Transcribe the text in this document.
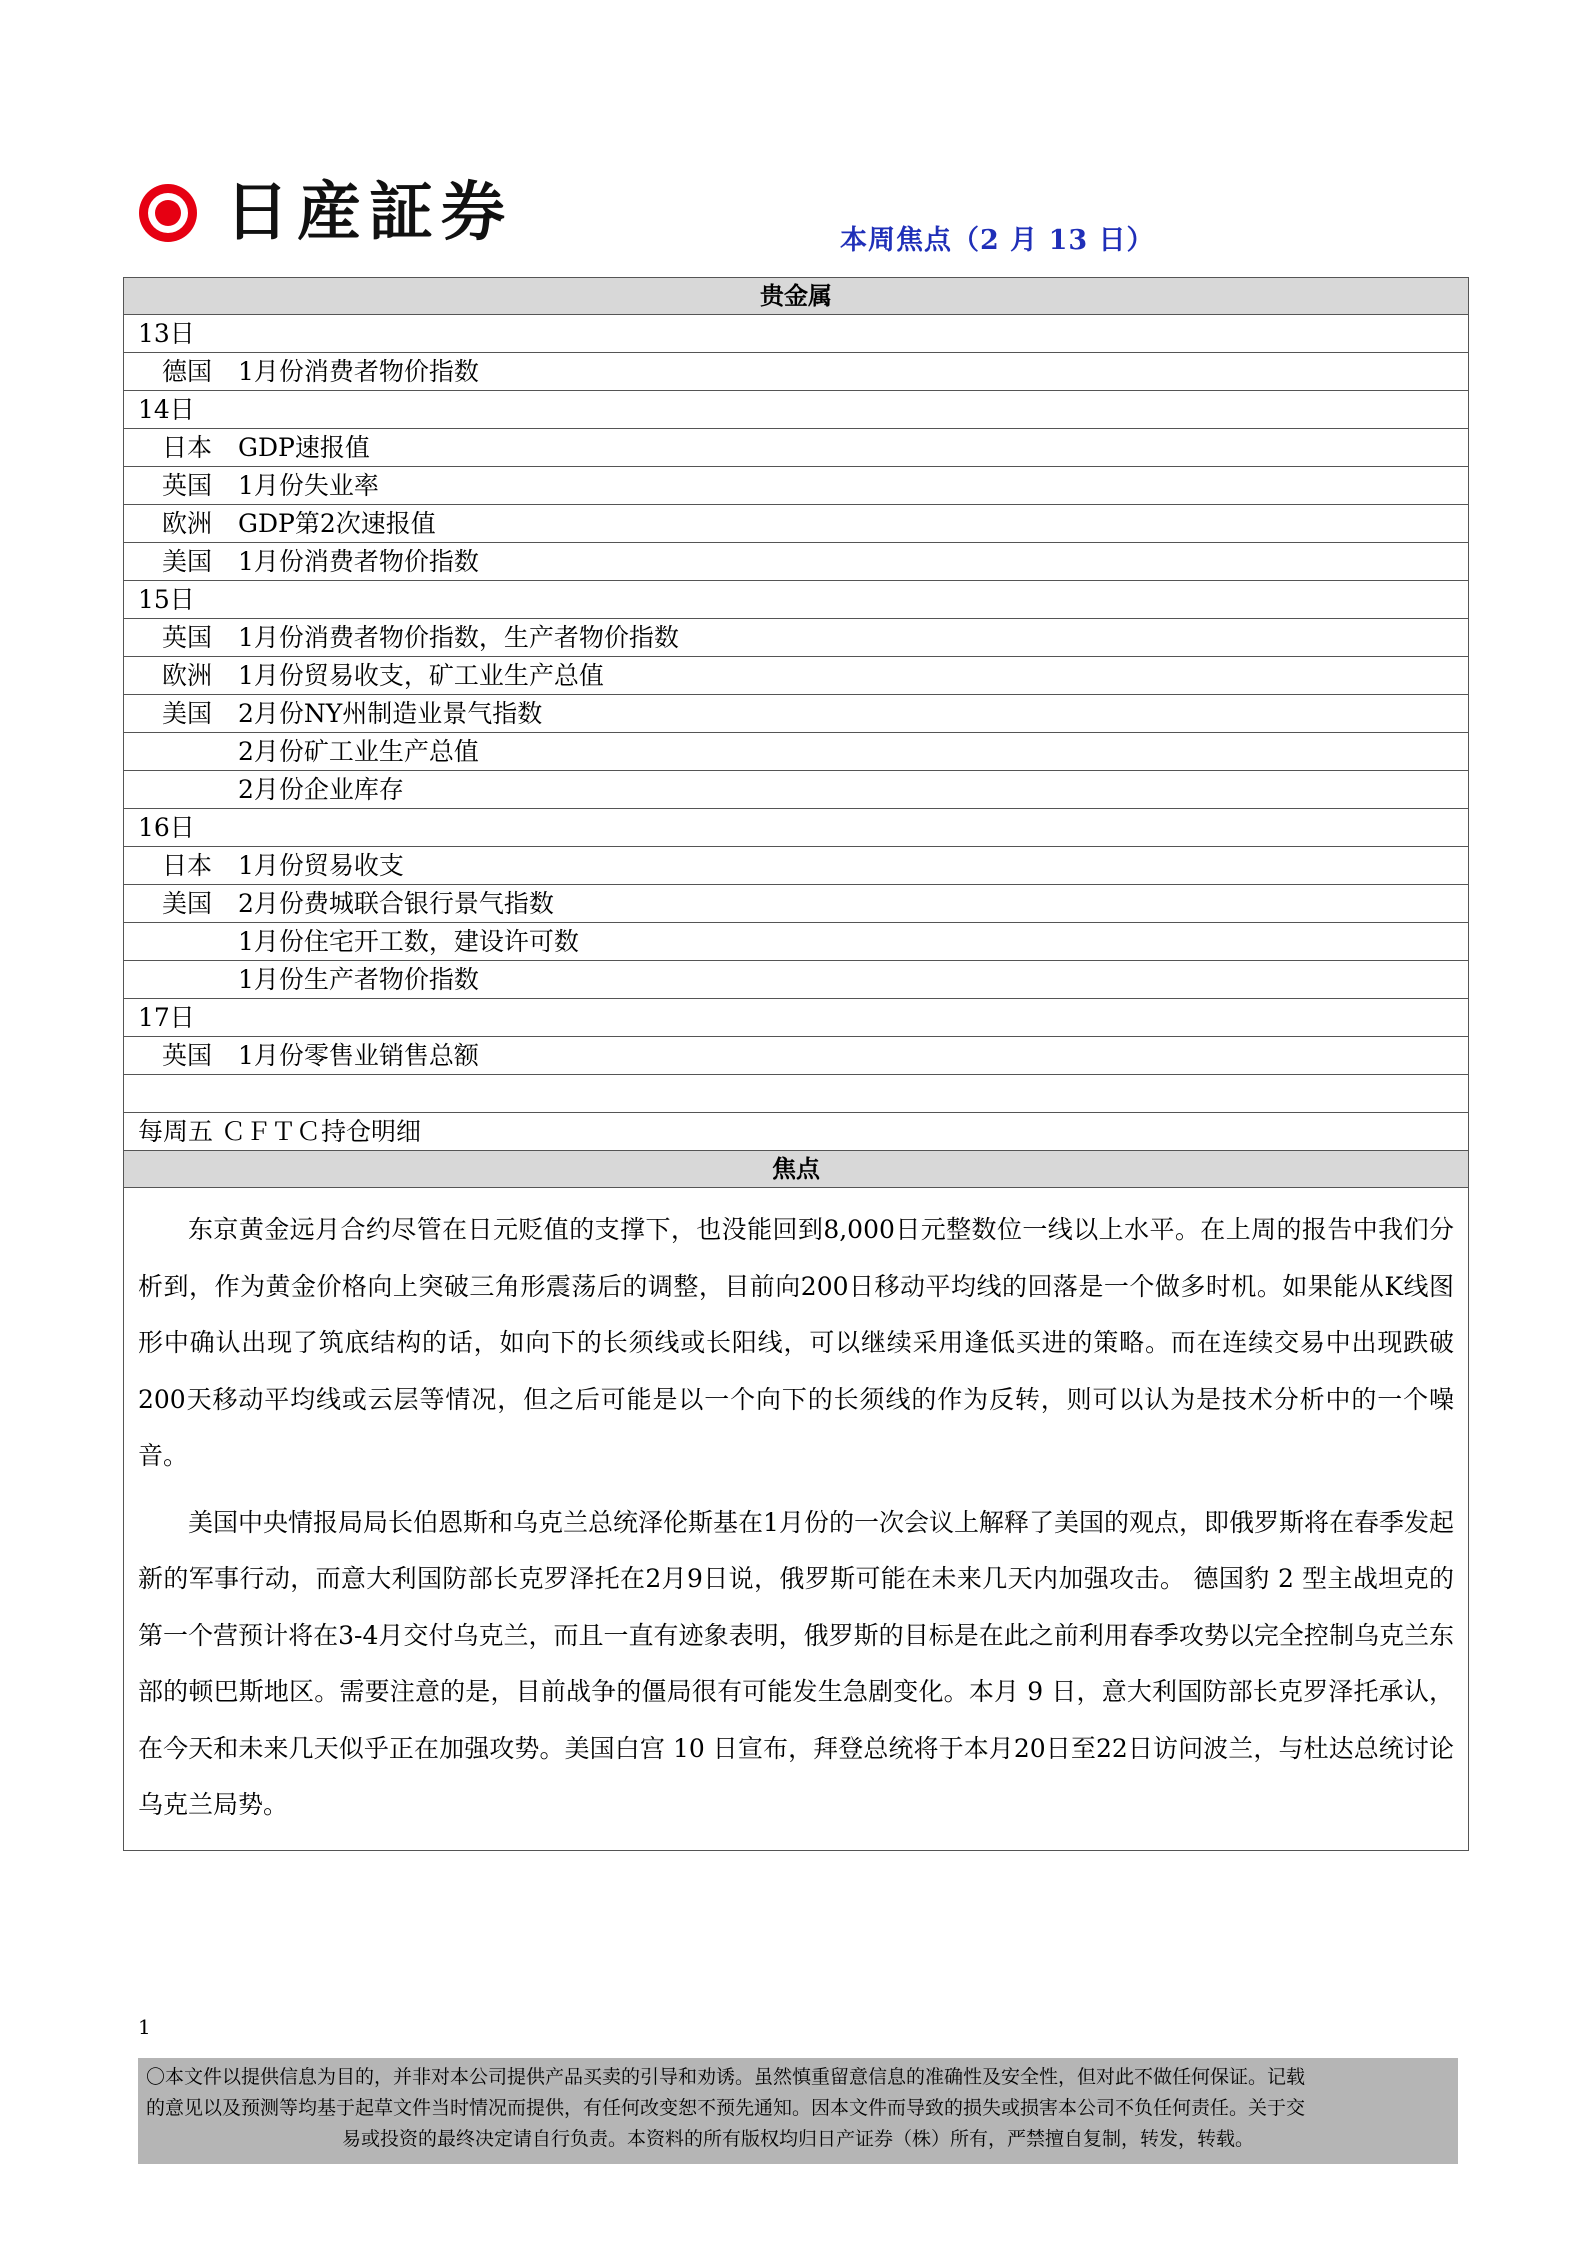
日産証券	本周焦点（2 月 13 日）
贵金属
13日
德国 1月份消费者物价指数
14日
日本 GDP速报值
英国 1月份失业率
欧洲 GDP第2次速报值
美国 1月份消费者物价指数
15日
英国 1月份消费者物价指数，生产者物价指数
欧洲 1月份贸易收支，矿工业生产总值
美国 2月份NY州制造业景气指数
2月份矿工业生产总值
2月份企业库存
16日
日本 1月份贸易收支
美国 2月份费城联合银行景气指数
1月份住宅开工数，建设许可数
1月份生产者物价指数
17日
英国 1月份零售业销售总额
每周五 ＣＦＴＣ持仓明细
焦点

东京黄金远月合约尽管在日元贬值的支撑下，也没能回到8,000日元整数位一线以上水平。在上周的报告中我们分析到，作为黄金价格向上突破三角形震荡后的调整，目前向200日移动平均线的回落是一个做多时机。如果能从K线图形中确认出现了筑底结构的话，如向下的长须线或长阳线，可以继续采用逢低买进的策略。而在连续交易中出现跌破200天移动平均线或云层等情况，但之后可能是以一个向下的长须线的作为反转，则可以认为是技术分析中的一个噪音。

美国中央情报局局长伯恩斯和乌克兰总统泽伦斯基在1月份的一次会议上解释了美国的观点，即俄罗斯将在春季发起新的军事行动，而意大利国防部长克罗泽托在2月9日说，俄罗斯可能在未来几天内加强攻击。 德国豹 2 型主战坦克的第一个营预计将在3-4月交付乌克兰，而且一直有迹象表明，俄罗斯的目标是在此之前利用春季攻势以完全控制乌克兰东部的顿巴斯地区。需要注意的是，目前战争的僵局很有可能发生急剧变化。本月 9 日，意大利国防部长克罗泽托承认，在今天和未来几天似乎正在加强攻势。美国白宫 10 日宣布，拜登总统将于本月20日至22日访问波兰，与杜达总统讨论乌克兰局势。

1
〇本文件以提供信息为目的，并非对本公司提供产品买卖的引导和劝诱。虽然慎重留意信息的准确性及安全性，但对此不做任何保证。记载
的意见以及预测等均基于起草文件当时情况而提供，有任何改变恕不预先通知。因本文件而导致的损失或损害本公司不负任何责任。关于交
易或投资的最终决定请自行负责。本资料的所有版权均归日产证券（株）所有，严禁擅自复制，转发，转载。
